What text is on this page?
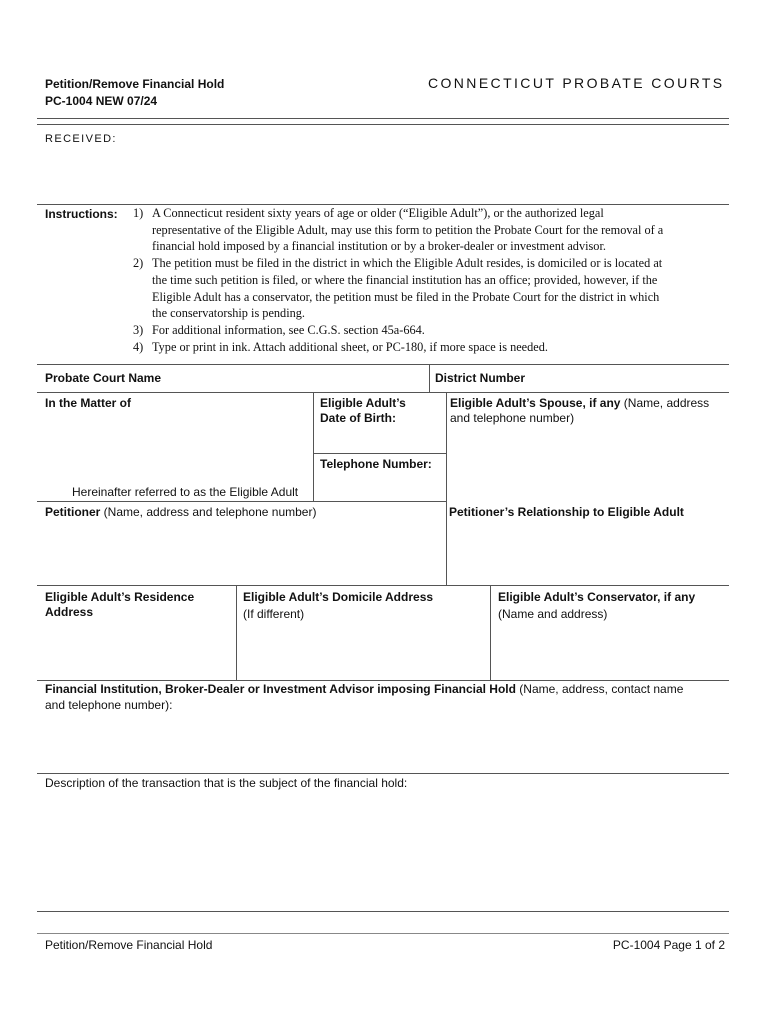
Petition/Remove Financial Hold
PC-1004 NEW 07/24
CONNECTICUT PROBATE COURTS
RECEIVED:
Instructions: 1) A Connecticut resident sixty years of age or older (“Eligible Adult”), or the authorized legal
representative of the Eligible Adult, may use this form to petition the Probate Court for the removal of a
financial hold imposed by a financial institution or by a broker-dealer or investment advisor.
2) The petition must be filed in the district in which the Eligible Adult resides, is domiciled or is located at
the time such petition is filed, or where the financial institution has an office; provided, however, if the
Eligible Adult has a conservator, the petition must be filed in the Probate Court for the district in which
the conservatorship is pending.
3) For additional information, see C.G.S. section 45a-664.
4) Type or print in ink. Attach additional sheet, or PC-180, if more space is needed.
Probate Court Name	District Number
In the Matter of	Eligible Adult’s
Date of Birth:
Telephone Number:
Eligible Adult’s Spouse, if any (Name, address
and telephone number)
Hereinafter referred to as the Eligible Adult
Petitioner (Name, address and telephone number)	Petitioner’s Relationship to Eligible Adult
Eligible Adult’s Residence
Address
Eligible Adult’s Domicile Address
(If different)
Eligible Adult’s Conservator, if any
(Name and address)
Financial Institution, Broker-Dealer or Investment Advisor imposing Financial Hold (Name, address, contact name
and telephone number):
Description of the transaction that is the subject of the financial hold:
Petition/Remove Financial Hold	PC-1004 Page 1 of 2
